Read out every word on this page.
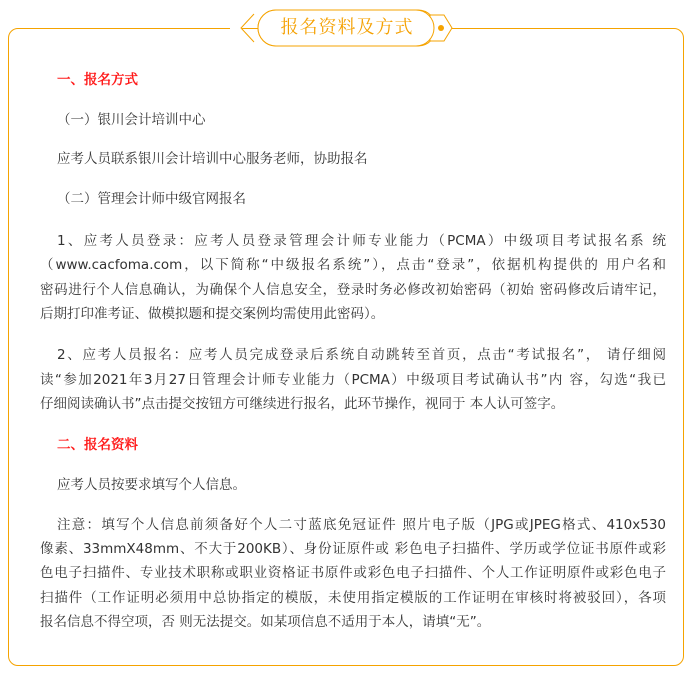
报名资料及方式
一、报名方式
（一）银川会计培训中心
应考人员联系银川会计培训中心服务老师，协助报名
（二）管理会计师中级官网报名
1、应考人员登录：应考人员登录管理会计师专业能力（PCMA）中级项目考试报名系 统
（www.cacfoma.com，以下简称“中级报名系统”），点击“登录”，依据机构提供的 用户名和
密码进行个人信息确认，为确保个人信息安全，登录时务必修改初始密码（初始 密码修改后请牢记，
后期打印准考证、做模拟题和提交案例均需使用此密码）。
2、应考人员报名：应考人员完成登录后系统自动跳转至首页，点击“考试报名”， 请仔细阅
读“参加2021年3月27日管理会计师专业能力（PCMA）中级项目考试确认书”内 容，勾选“我已
仔细阅读确认书”点击提交按钮方可继续进行报名，此环节操作，视同于 本人认可签字。
二、报名资料
应考人员按要求填写个人信息。
注意：填写个人信息前须备好个人二寸蓝底免冠证件 照片电子版（JPG或JPEG格式、410x530
像素、33mmX48mm、不大于200KB）、身份证原件或 彩色电子扫描件、学历或学位证书原件或彩
色电子扫描件、专业技术职称或职业资格证书原件或彩色电子扫描件、个人工作证明原件或彩色电子
扫描件（工作证明必须用中总协指定的模版，未使用指定模版的工作证明在审核时将被驳回），各项
报名信息不得空项，否 则无法提交。如某项信息不适用于本人，请填“无”。
